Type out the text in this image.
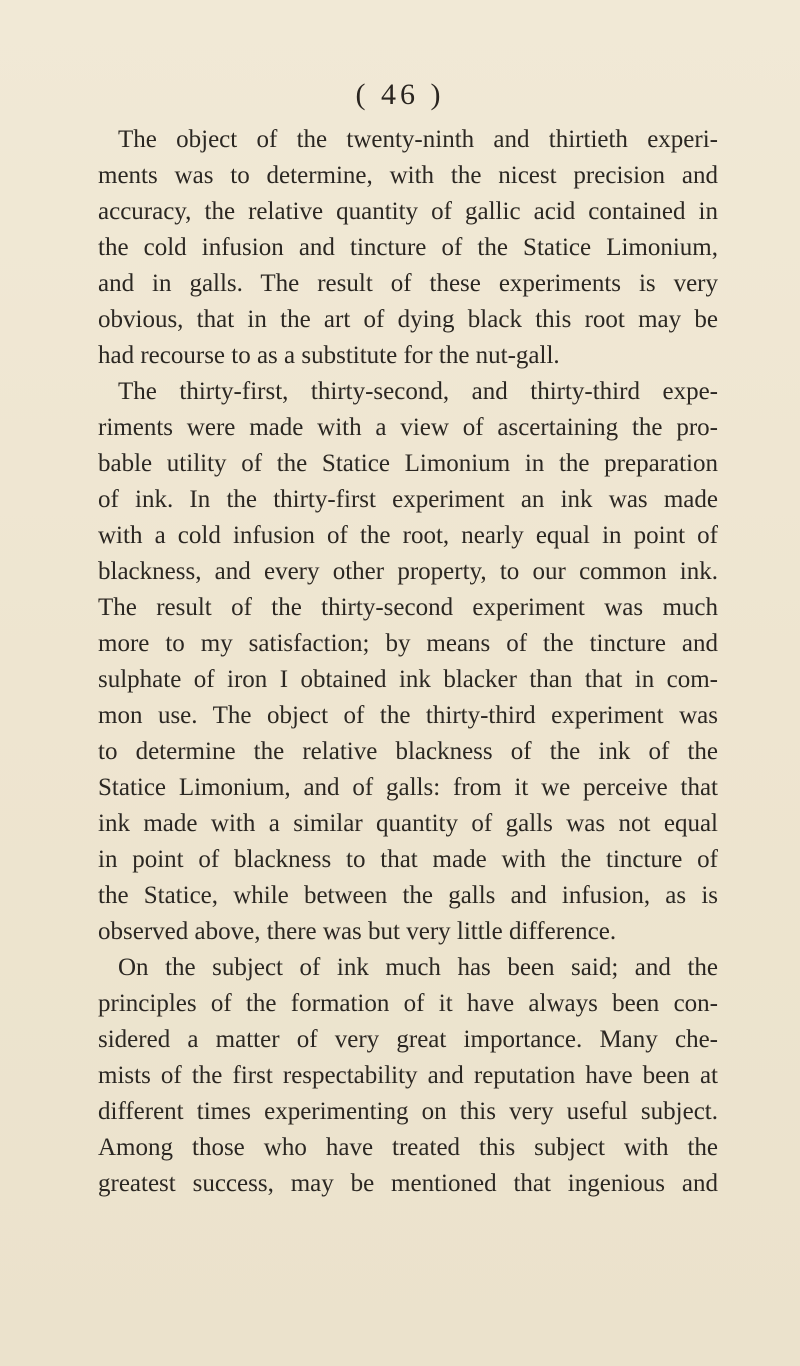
( 46 )
The object of the twenty-ninth and thirtieth experi-
ments was to determine, with the nicest precision and
accuracy, the relative quantity of gallic acid contained in
the cold infusion and tincture of the Statice Limonium,
and in galls. The result of these experiments is very
obvious, that in the art of dying black this root may be
had recourse to as a substitute for the nut-gall.
The thirty-first, thirty-second, and thirty-third expe-
riments were made with a view of ascertaining the pro-
bable utility of the Statice Limonium in the preparation
of ink. In the thirty-first experiment an ink was made
with a cold infusion of the root, nearly equal in point of
blackness, and every other property, to our common ink.
The result of the thirty-second experiment was much
more to my satisfaction; by means of the tincture and
sulphate of iron I obtained ink blacker than that in com-
mon use. The object of the thirty-third experiment was
to determine the relative blackness of the ink of the
Statice Limonium, and of galls: from it we perceive that
ink made with a similar quantity of galls was not equal
in point of blackness to that made with the tincture of
the Statice, while between the galls and infusion, as is
observed above, there was but very little difference.
On the subject of ink much has been said; and the
principles of the formation of it have always been con-
sidered a matter of very great importance. Many che-
mists of the first respectability and reputation have been at
different times experimenting on this very useful subject.
Among those who have treated this subject with the
greatest success, may be mentioned that ingenious and
